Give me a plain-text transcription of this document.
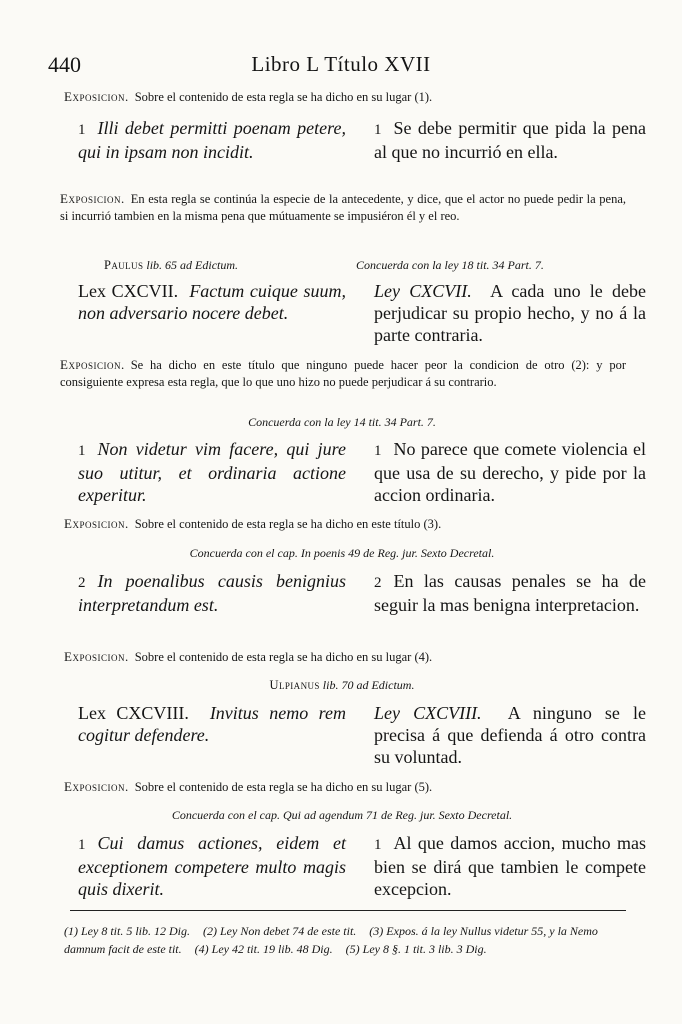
440	Libro L Título XVII
Exposicion. Sobre el contenido de esta regla se ha dicho en su lugar (1).
1 Illi debet permitti poenam petere, qui in ipsam non incidit.
1 Se debe permitir que pida la pena al que no incurrió en ella.
Exposicion. En esta regla se continúa la especie de la antecedente, y dice, que el actor no puede pedir la pena, si incurrió tambien en la misma pena que mútuamente se impusiéron él y el reo.
Paulus lib. 65 ad Edictum.	Concuerda con la ley 18 tit. 34 Part. 7.
Lex CXCVII. Factum cuique suum, non adversario nocere debet.
Ley CXCVII. A cada uno le debe perjudicar su propio hecho, y no á la parte contraria.
Exposicion. Se ha dicho en este título que ninguno puede hacer peor la condicion de otro (2): y por consiguiente expresa esta regla, que lo que uno hizo no puede perjudicar á su contrario.
Concuerda con la ley 14 tit. 34 Part. 7.
1 Non videtur vim facere, qui jure suo utitur, et ordinaria actione experitur.
1 No parece que comete violencia el que usa de su derecho, y pide por la accion ordinaria.
Exposicion. Sobre el contenido de esta regla se ha dicho en este título (3).
Concuerda con el cap. In poenis 49 de Reg. jur. Sexto Decretal.
2 In poenalibus causis benignius interpretandum est.
2 En las causas penales se ha de seguir la mas benigna interpretacion.
Exposicion. Sobre el contenido de esta regla se ha dicho en su lugar (4).
Ulpianus lib. 70 ad Edictum.
Lex CXCVIII. Invitus nemo rem cogitur defendere.
Ley CXCVIII. A ninguno se le precisa á que defienda á otro contra su voluntad.
Exposicion. Sobre el contenido de esta regla se ha dicho en su lugar (5).
Concuerda con el cap. Qui ad agendum 71 de Reg. jur. Sexto Decretal.
1 Cui damus actiones, eidem et exceptionem competere multo magis quis dixerit.
1 Al que damos accion, mucho mas bien se dirá que tambien le compete excepcion.
(1) Ley 8 tit. 5 lib. 12 Dig. (2) Ley Non debet 74 de este tit. (3) Expos. á la ley Nullus videtur 55, y la Nemo damnum facit de este tit. (4) Ley 42 tit. 19 lib. 48 Dig. (5) Ley 8 §. 1 tit. 3 lib. 3 Dig.
